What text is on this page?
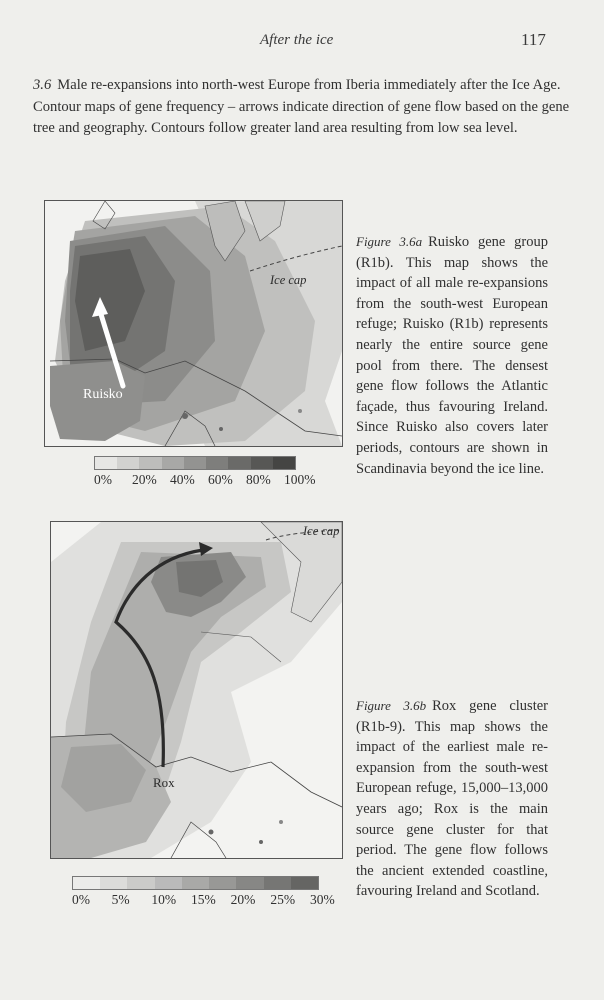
After the ice	117
3.6 Male re-expansions into north-west Europe from Iberia immediately after the Ice Age. Contour maps of gene frequency – arrows indicate direction of gene flow based on the gene tree and geography. Contours follow greater land area resulting from low sea level.
Ice cap
Ruisko
0% 20% 40% 60% 80% 100%
Figure 3.6a Ruisko gene group (R1b). This map shows the impact of all male re-expansions from the south-west European refuge; Ruisko (R1b) represents nearly the entire source gene pool from there. The densest gene flow follows the Atlantic façade, thus favouring Ireland. Since Ruisko also covers later periods, contours are shown in Scandinavia beyond the ice line.
Ice cap
Rox
0% 5% 10% 15% 20% 25% 30%
Figure 3.6b Rox gene cluster (R1b-9). This map shows the impact of the earliest male re-expansion from the south-west European refuge, 15,000–13,000 years ago; Rox is the main source gene cluster for that period. The gene flow follows the ancient extended coastline, favouring Ireland and Scotland.
